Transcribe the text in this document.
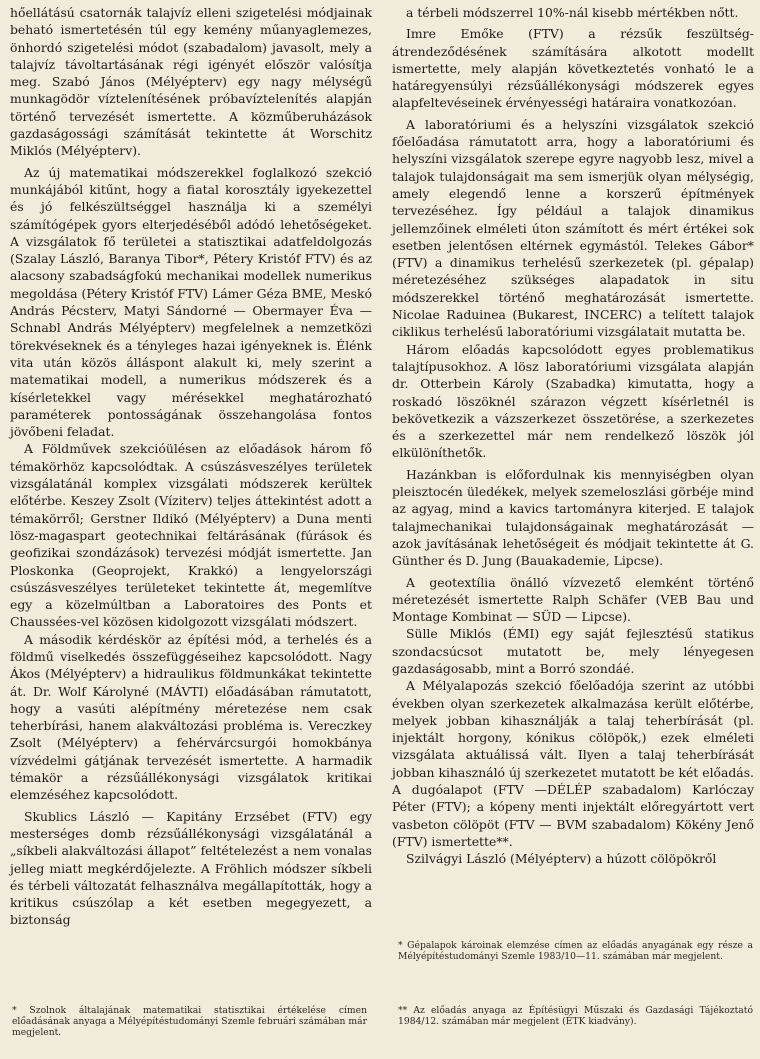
hőellátású csatornák talajvíz elleni szigetelési módjainak beható ismertetésén túl egy kemény műanyaglemezes, önhordó szigetelési módot (szabadalom) javasolt, mely a talajvíz távoltartásának régi igényét először valósítja meg. Szabó János (Mélyépterv) egy nagy mélységű munkagödör víztelenítésének próbavíztelenítés alapján történő tervezését ismertette. A közműberuházások gazdaságossági számítását tekintette át Worschitz Miklós (Mélyépterv).

Az új matematikai módszerekkel foglalkozó szekció munkájából kitűnt, hogy a fiatal korosztály igyekezettel és jó felkészültséggel használja ki a személyi számítógépek gyors elterjedéséből adódó lehetőségeket. A vizsgálatok fő területei a statisztikai adatfeldolgozás (Szalay László, Baranya Tibor*, Pétery Kristóf FTV) és az alacsony szabadságfokú mechanikai modellek numerikus megoldása (Pétery Kristóf FTV) Lámer Géza BME, Meskó András Pécsterv, Matyi Sándorné — Obermayer Éva — Schnabl András Mélyépterv) megfelelnek a nemzetközi törekvéseknek és a tényleges hazai igényeknek is. Élénk vita után közös álláspont alakult ki, mely szerint a matematikai modell, a numerikus módszerek és a kísérletekkel vagy mérésekkel meghatározható paraméterek pontosságának összehangolása fontos jövőbeni feladat.

A Földművek szekcióülésen az előadások három fő témakörhöz kapcsolódtak. A csúszásveszélyes területek vizsgálatánál komplex vizsgálati módszerek kerültek előtérbe. Keszey Zsolt (Víziterv) teljes áttekintést adott a témakörről; Gerstner Ildikó (Mélyépterv) a Duna menti lösz-magaspart geotechnikai feltárásának (fúrások és geofizikai szondázások) tervezési módját ismertette. Jan Ploskonka (Geoprojekt, Krakkó) a lengyelországi csúszásveszélyes területeket tekintette át, megemlítve egy a közelmúltban a Laboratoires des Ponts et Chaussées-vel közösen kidolgozott vizsgálati módszert.

A második kérdéskör az építési mód, a terhelés és a földmű viselkedés összefüggéseihez kapcsolódott. Nagy Ákos (Mélyépterv) a hidraulikus földmunkákat tekintette át. Dr. Wolf Károlyné (MÁVTI) előadásában rámutatott, hogy a vasúti alépítmény méretezése nem csak teherbírási, hanem alakváltozási probléma is. Vereczkey Zsolt (Mélyépterv) a fehérvárcsurgói homokbánya vízvédelmi gátjának tervezését ismertette. A harmadik témakör a rézsűállékonysági vizsgálatok kritikai elemzéséhez kapcsolódott.

Skublics László — Kapitány Erzsébet (FTV) egy mesterséges domb rézsűállékonysági vizsgálatánál a „síkbeli alakváltozási állapot” feltételezést a nem vonalas jelleg miatt megkérdőjelezte. A Fröhlich módszer síkbeli és térbeli változatát felhasználva megállapították, hogy a kritikus csúszólap a két esetben megegyezett, a biztonság

a térbeli módszerrel 10%-nál kisebb mértékben nőtt.

Imre Emőke (FTV) a rézsűk feszültség-átrendeződésének számítására alkotott modellt ismertette, mely alapján következtetés vonható le a határegyensúlyi rézsűállékonysági módszerek egyes alapfeltevéseinek érvényességi határaira vonatkozóan.

A laboratóriumi és a helyszíni vizsgálatok szekció főelőadása rámutatott arra, hogy a laboratóriumi és helyszíni vizsgálatok szerepe egyre nagyobb lesz, mivel a talajok tulajdonságait ma sem ismerjük olyan mélységig, amely elegendő lenne a korszerű építmények tervezéséhez. Így például a talajok dinamikus jellemzőinek elméleti úton számított és mért értékei sok esetben jelentősen eltérnek egymástól. Telekes Gábor* (FTV) a dinamikus terhelésű szerkezetek (pl. gépalap) méretezéséhez szükséges alapadatok in situ módszerekkel történő meghatározását ismertette. Nicolae Raduinea (Bukarest, INCERC) a telített talajok ciklikus terhelésű laboratóriumi vizsgálatait mutatta be.

Három előadás kapcsolódott egyes problematikus talajtípusokhoz. A lösz laboratóriumi vizsgálata alapján dr. Otterbein Károly (Szabadka) kimutatta, hogy a roskadó löszöknél szárazon végzett kísérletnél is bekövetkezik a vázszerkezet összetörése, a szerkezetes és a szerkezettel már nem rendelkező löszök jól elkülöníthetők.

Hazánkban is előfordulnak kis mennyiségben olyan pleisztocén üledékek, melyek szemeloszlási görbéje mind az agyag, mind a kavics tartományra kiterjed. E talajok talajmechanikai tulajdonságainak meghatározását — azok javításának lehetőségeit és módjait tekintette át G. Günther és D. Jung (Bauakademie, Lipcse).

A geotextília önálló vízvezető elemként történő méretezését ismertette Ralph Schäfer (VEB Bau und Montage Kombinat — SÜD — Lipcse).

Sülle Miklós (ÉMI) egy saját fejlesztésű statikus szondacsúcsot mutatott be, mely lényegesen gazdaságosabb, mint a Borró szondáé.

A Mélyalapozás szekció főelőadója szerint az utóbbi években olyan szerkezetek alkalmazása került előtérbe, melyek jobban kihasználják a talaj teherbírását (pl. injektált horgony, kónikus cölöpök,) ezek elméleti vizsgálata aktuálissá vált. Ilyen a talaj teherbírását jobban kihasználó új szerkezetet mutatott be két előadás. A dugóalapot (FTV —DÉLÉP szabadalom) Karlóczay Péter (FTV); a kópeny menti injektált előregyártott vert vasbeton cölöpöt (FTV — BVM szabadalom) Kökény Jenő (FTV) ismertette**.

Szilvágyi László (Mélyépterv) a húzott cölöpökről

* Szolnok általajának matematikai statisztikai értékelése címen előadásának anyaga a Mélyépítéstudományi Szemle februári számában már megjelent.
* Gépalapok károinak elemzése címen az előadás anyagának egy része a Mélyépítéstudományi Szemle 1983/10—11. számában már megjelent.
** Az előadás anyaga az Építésügyi Műszaki és Gazdasági Tájékoztató 1984/12. számában már megjelent (ÉTK kiadvány).
